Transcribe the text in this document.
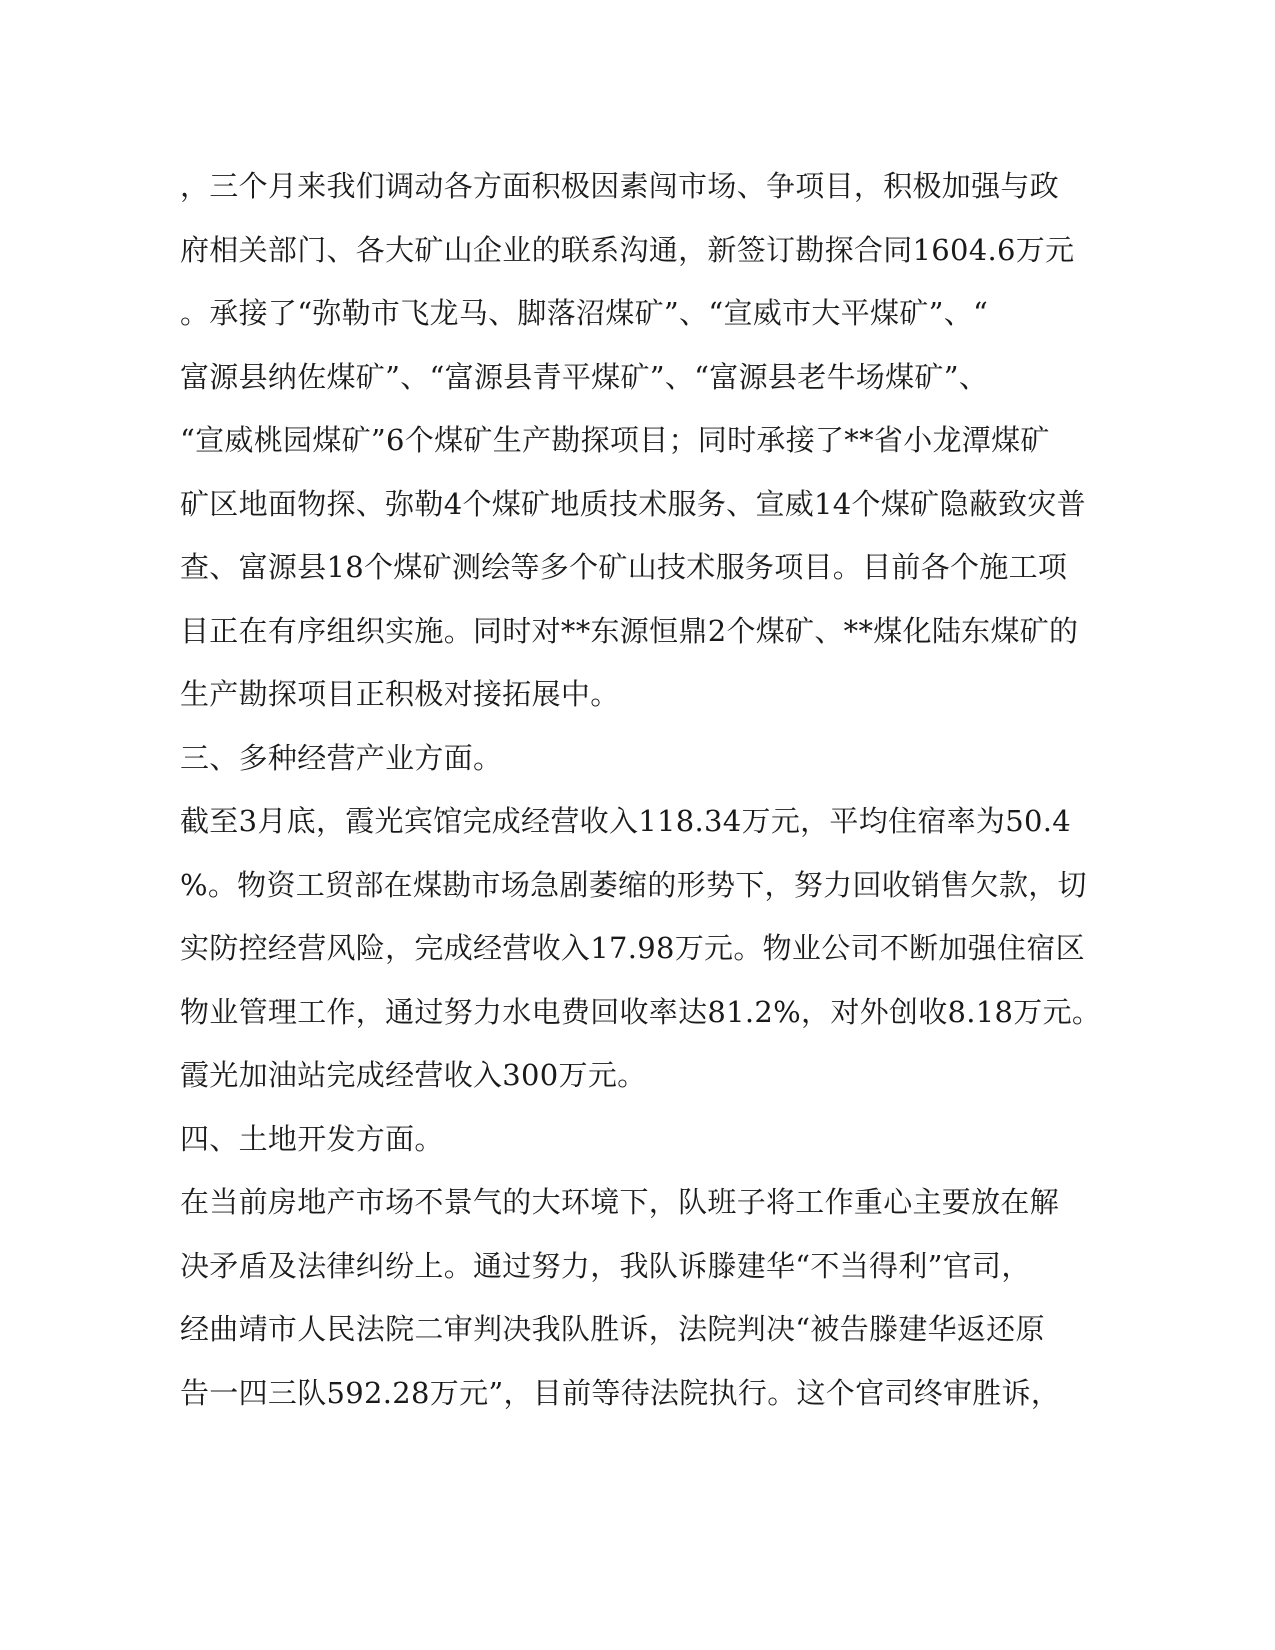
，三个月来我们调动各方面积极因素闯市场、争项目，积极加强与政
府相关部门、各大矿山企业的联系沟通，新签订勘探合同1604.6万元
。承接了“弥勒市飞龙马、脚落沼煤矿”、“宣威市大平煤矿”、“
富源县纳佐煤矿”、“富源县青平煤矿”、“富源县老牛场煤矿”、
“宣威桃园煤矿”6个煤矿生产勘探项目；同时承接了**省小龙潭煤矿
矿区地面物探、弥勒4个煤矿地质技术服务、宣威14个煤矿隐蔽致灾普
查、富源县18个煤矿测绘等多个矿山技术服务项目。目前各个施工项
目正在有序组织实施。同时对**东源恒鼎2个煤矿、**煤化陆东煤矿的
生产勘探项目正积极对接拓展中。
三、多种经营产业方面。
截至3月底，霞光宾馆完成经营收入118.34万元，平均住宿率为50.4
%。物资工贸部在煤勘市场急剧萎缩的形势下，努力回收销售欠款，切
实防控经营风险，完成经营收入17.98万元。物业公司不断加强住宿区
物业管理工作，通过努力水电费回收率达81.2%，对外创收8.18万元。
霞光加油站完成经营收入300万元。
四、土地开发方面。
在当前房地产市场不景气的大环境下，队班子将工作重心主要放在解
决矛盾及法律纠纷上。通过努力，我队诉滕建华“不当得利”官司，
经曲靖市人民法院二审判决我队胜诉，法院判决“被告滕建华返还原
告一四三队592.28万元”，目前等待法院执行。这个官司终审胜诉，
